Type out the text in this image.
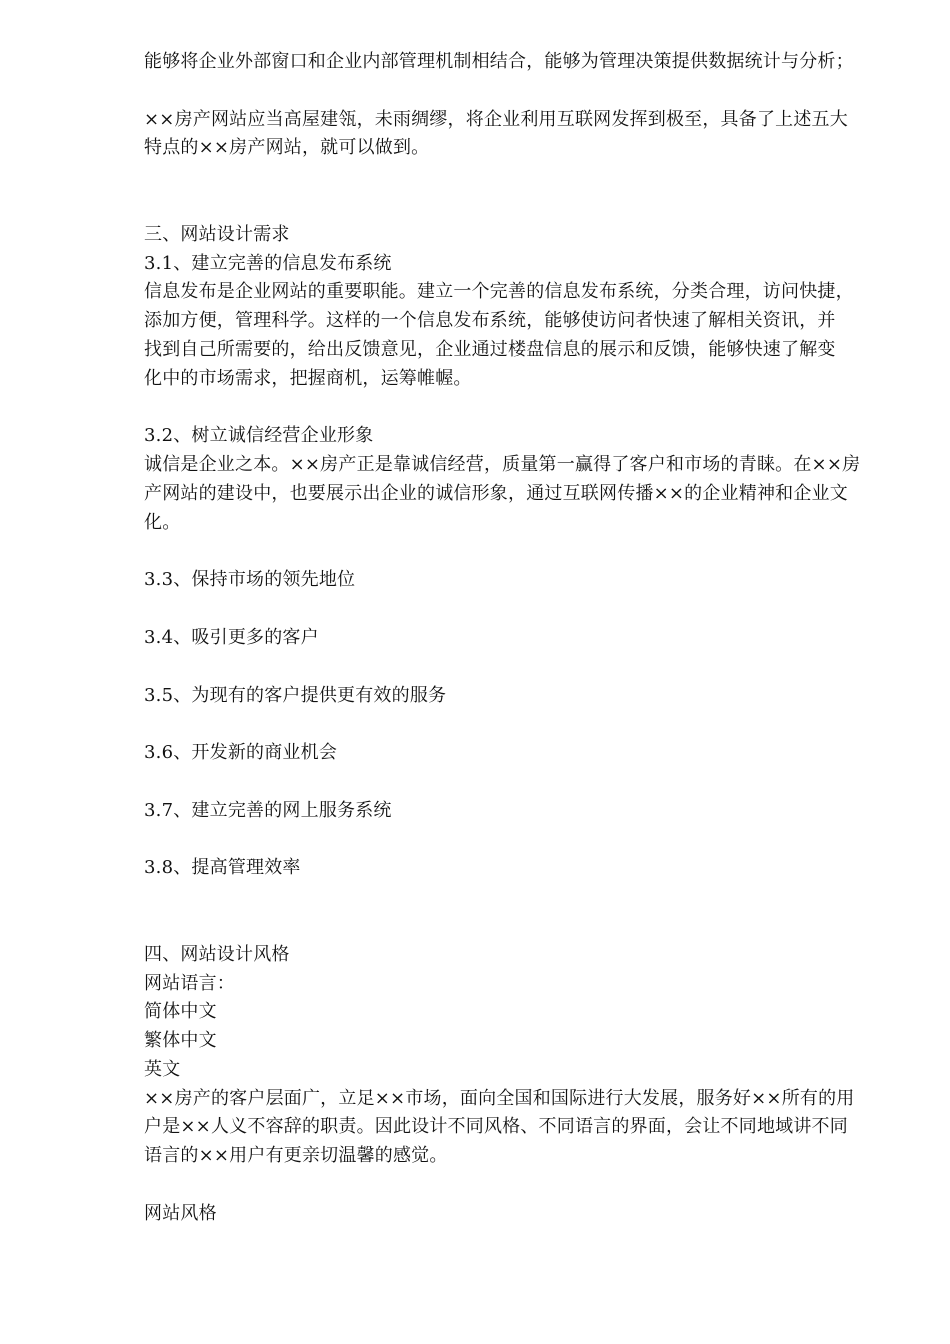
能够将企业外部窗口和企业内部管理机制相结合，能够为管理决策提供数据统计与分析；

××房产网站应当高屋建瓴，未雨绸缪，将企业利用互联网发挥到极至，具备了上述五大
特点的××房产网站，就可以做到。

三、网站设计需求

3.1、建立完善的信息发布系统

信息发布是企业网站的重要职能。建立一个完善的信息发布系统，分类合理，访问快捷，
添加方便，管理科学。这样的一个信息发布系统，能够使访问者快速了解相关资讯，并
找到自己所需要的，给出反馈意见，企业通过楼盘信息的展示和反馈，能够快速了解变
化中的市场需求，把握商机，运筹帷幄。

3.2、树立诚信经营企业形象

诚信是企业之本。××房产正是靠诚信经营，质量第一赢得了客户和市场的青睐。在××房
产网站的建设中，也要展示出企业的诚信形象，通过互联网传播××的企业精神和企业文
化。

3.3、保持市场的领先地位

3.4、吸引更多的客户

3.5、为现有的客户提供更有效的服务

3.6、开发新的商业机会

3.7、建立完善的网上服务系统

3.8、提高管理效率

四、网站设计风格

网站语言：

简体中文

繁体中文

英文

××房产的客户层面广，立足××市场，面向全国和国际进行大发展，服务好××所有的用
户是××人义不容辞的职责。因此设计不同风格、不同语言的界面，会让不同地域讲不同
语言的××用户有更亲切温馨的感觉。

网站风格
